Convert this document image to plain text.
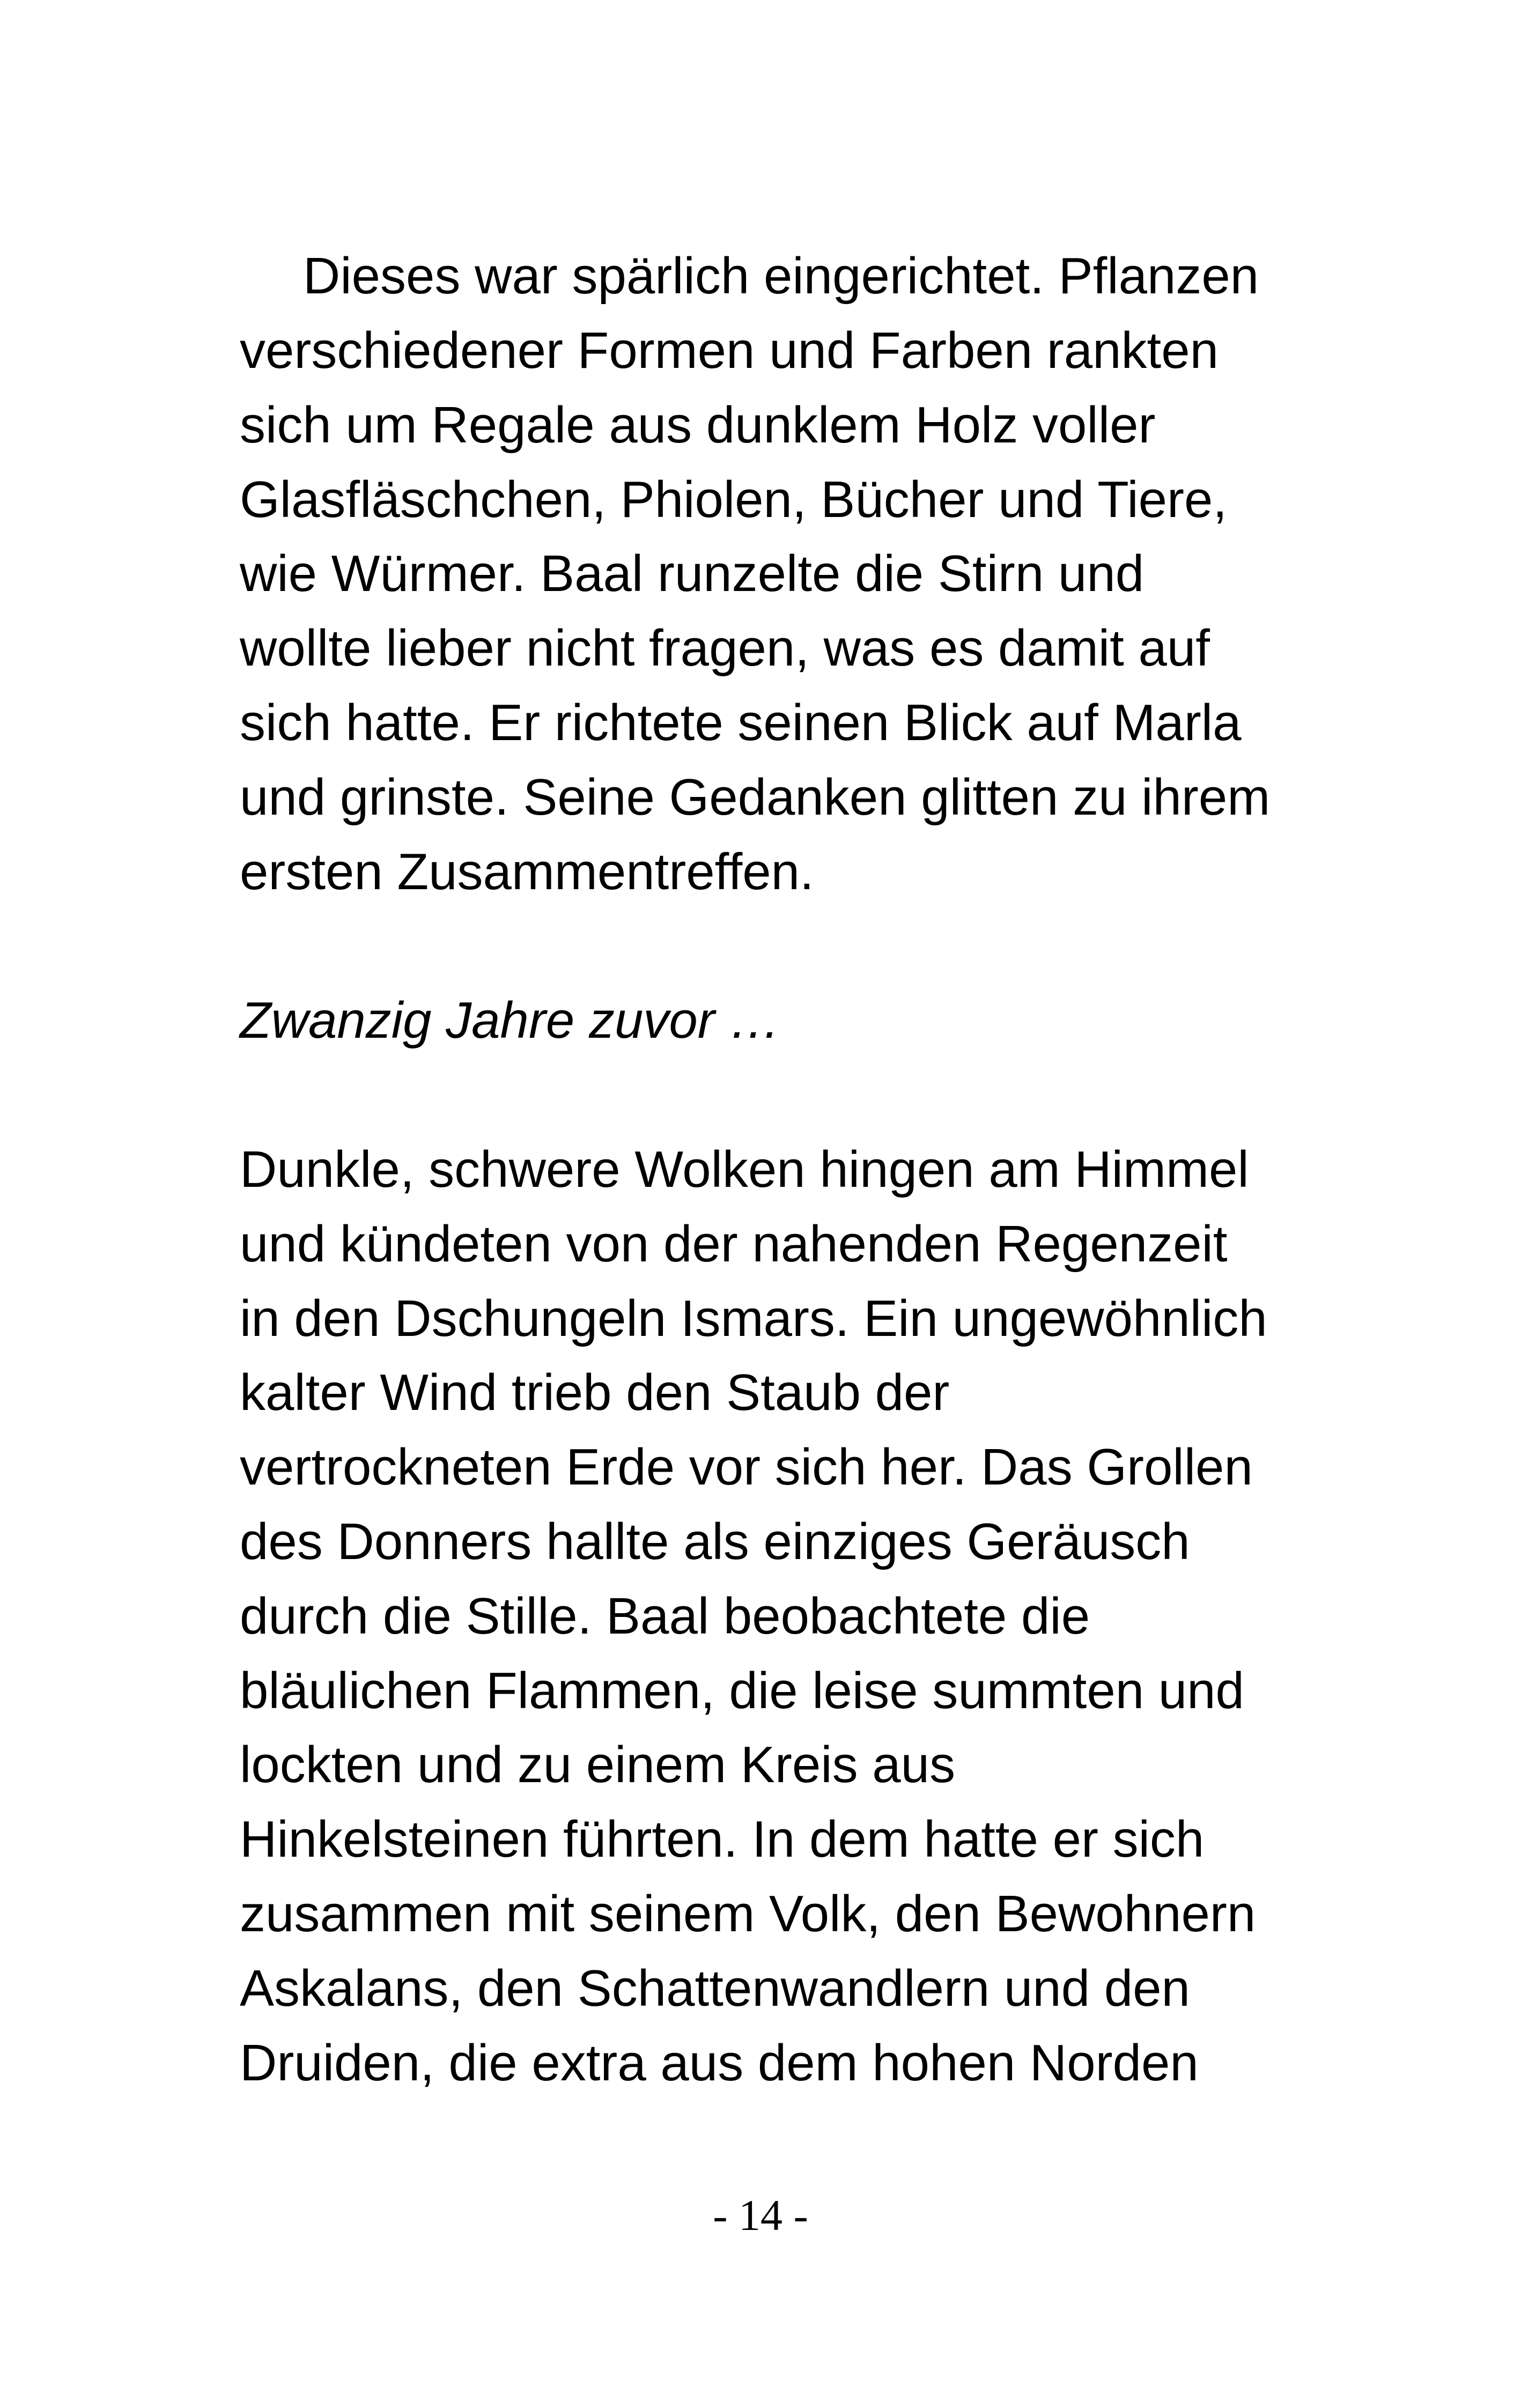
Dieses war spärlich eingerichtet. Pflanzen

verschiedener Formen und Farben rankten

sich um Regale aus dunklem Holz voller

Glasfläschchen, Phiolen, Bücher und Tiere,

wie Würmer. Baal runzelte die Stirn und

wollte lieber nicht fragen, was es damit auf

sich hatte. Er richtete seinen Blick auf Marla

und grinste. Seine Gedanken glitten zu ihrem

ersten Zusammentreffen.

Zwanzig Jahre zuvor …

Dunkle, schwere Wolken hingen am Himmel

und kündeten von der nahenden Regenzeit

in den Dschungeln Ismars. Ein ungewöhnlich

kalter Wind trieb den Staub der

vertrockneten Erde vor sich her. Das Grollen

des Donners hallte als einziges Geräusch

durch die Stille. Baal beobachtete die

bläulichen Flammen, die leise summten und

lockten und zu einem Kreis aus

Hinkelsteinen führten. In dem hatte er sich

zusammen mit seinem Volk, den Bewohnern

Askalans, den Schattenwandlern und den

Druiden, die extra aus dem hohen Norden

- 14 -
